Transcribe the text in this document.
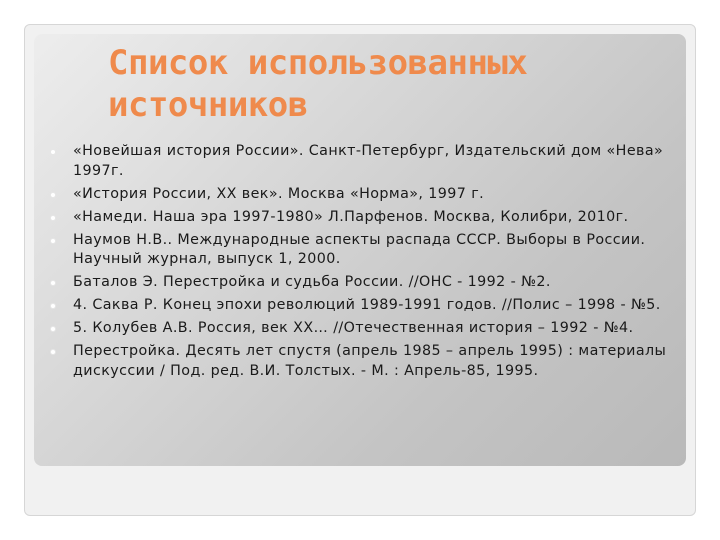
Список использованных
источников
«Новейшая история России». Санкт-Петербург, Издательский дом «Нева» 1997г.
«История России, ХХ век». Москва «Норма», 1997 г.
«Намеди. Наша эра 1997-1980» Л.Парфенов. Москва, Колибри, 2010г.
Наумов Н.В.. Международные аспекты распада СССР. Выборы в России. Научный журнал, выпуск 1, 2000.
Баталов Э. Перестройка и судьба России. //ОНС - 1992 - №2.
4. Саква Р. Конец эпохи революций 1989-1991 годов. //Полис – 1998 - №5.
5. Колубев А.В. Россия, век ХХ… //Отечественная история – 1992 - №4.
Перестройка. Десять лет спустя (апрель 1985 – апрель 1995) : материалы дискуссии / Под. ред. В.И. Толстых. - М. : Апрель-85, 1995.
